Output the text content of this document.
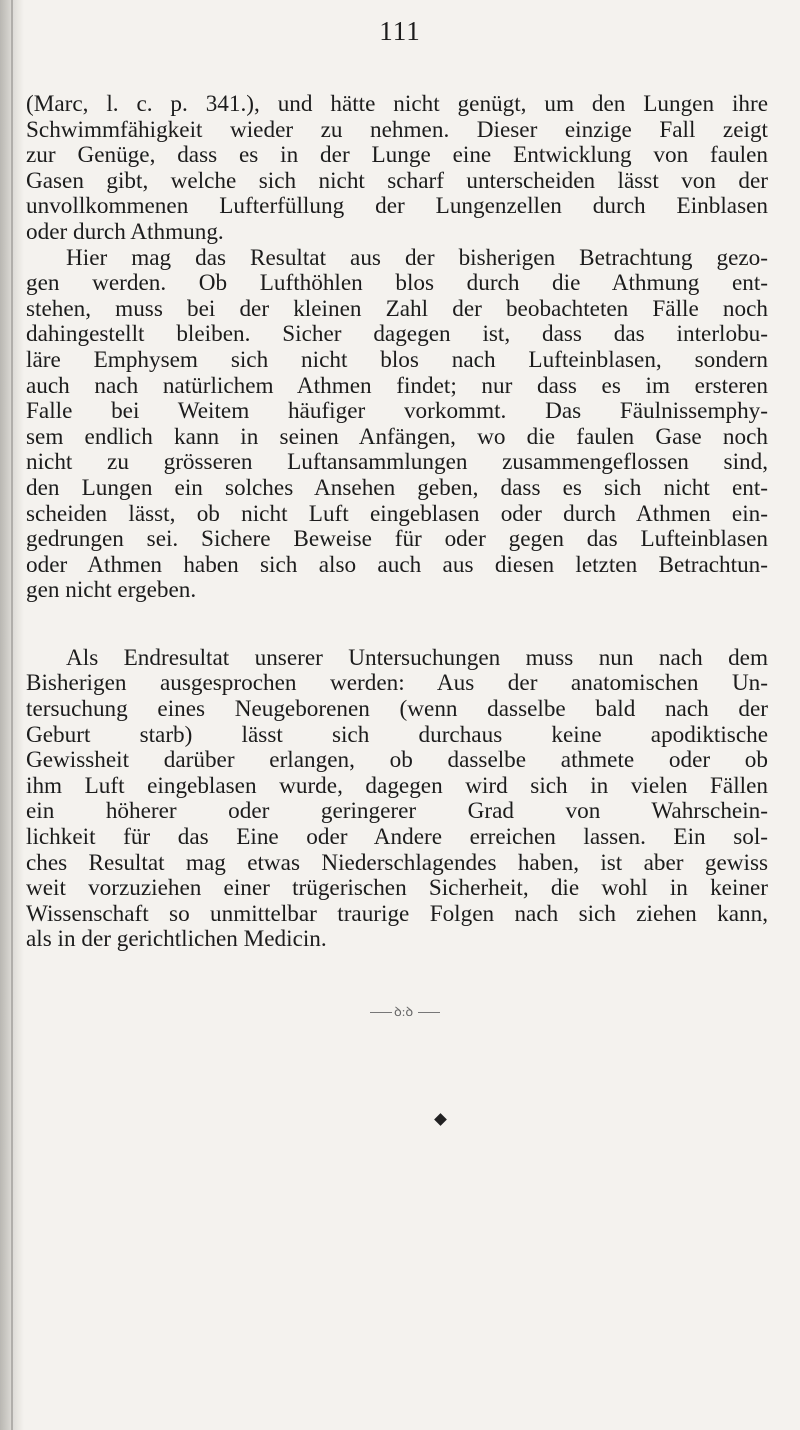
111
(Marc, l. c. p. 341.), und hätte nicht genügt, um den Lungen ihre
Schwimmfähigkeit wieder zu nehmen. Dieser einzige Fall zeigt
zur Genüge, dass es in der Lunge eine Entwicklung von faulen
Gasen gibt, welche sich nicht scharf unterscheiden lässt von der
unvollkommenen Lufterfüllung der Lungenzellen durch Einblasen
oder durch Athmung.
Hier mag das Resultat aus der bisherigen Betrachtung gezo-
gen werden. Ob Lufthöhlen blos durch die Athmung ent-
stehen, muss bei der kleinen Zahl der beobachteten Fälle noch
dahingestellt bleiben. Sicher dagegen ist, dass das interlobu-
läre Emphysem sich nicht blos nach Lufteinblasen, sondern
auch nach natürlichem Athmen findet; nur dass es im ersteren
Falle bei Weitem häufiger vorkommt. Das Fäulnissemphy-
sem endlich kann in seinen Anfängen, wo die faulen Gase noch
nicht zu grösseren Luftansammlungen zusammengeflossen sind,
den Lungen ein solches Ansehen geben, dass es sich nicht ent-
scheiden lässt, ob nicht Luft eingeblasen oder durch Athmen ein-
gedrungen sei. Sichere Beweise für oder gegen das Lufteinblasen
oder Athmen haben sich also auch aus diesen letzten Betrachtun-
gen nicht ergeben.
Als Endresultat unserer Untersuchungen muss nun nach dem
Bisherigen ausgesprochen werden: Aus der anatomischen Un-
tersuchung eines Neugeborenen (wenn dasselbe bald nach der
Geburt starb) lässt sich durchaus keine apodiktische
Gewissheit darüber erlangen, ob dasselbe athmete oder ob
ihm Luft eingeblasen wurde, dagegen wird sich in vielen Fällen
ein höherer oder geringerer Grad von Wahrschein-
lichkeit für das Eine oder Andere erreichen lassen. Ein sol-
ches Resultat mag etwas Niederschlagendes haben, ist aber gewiss
weit vorzuziehen einer trügerischen Sicherheit, die wohl in keiner
Wissenschaft so unmittelbar traurige Folgen nach sich ziehen kann,
als in der gerichtlichen Medicin.
ꝺ:ꝺ
